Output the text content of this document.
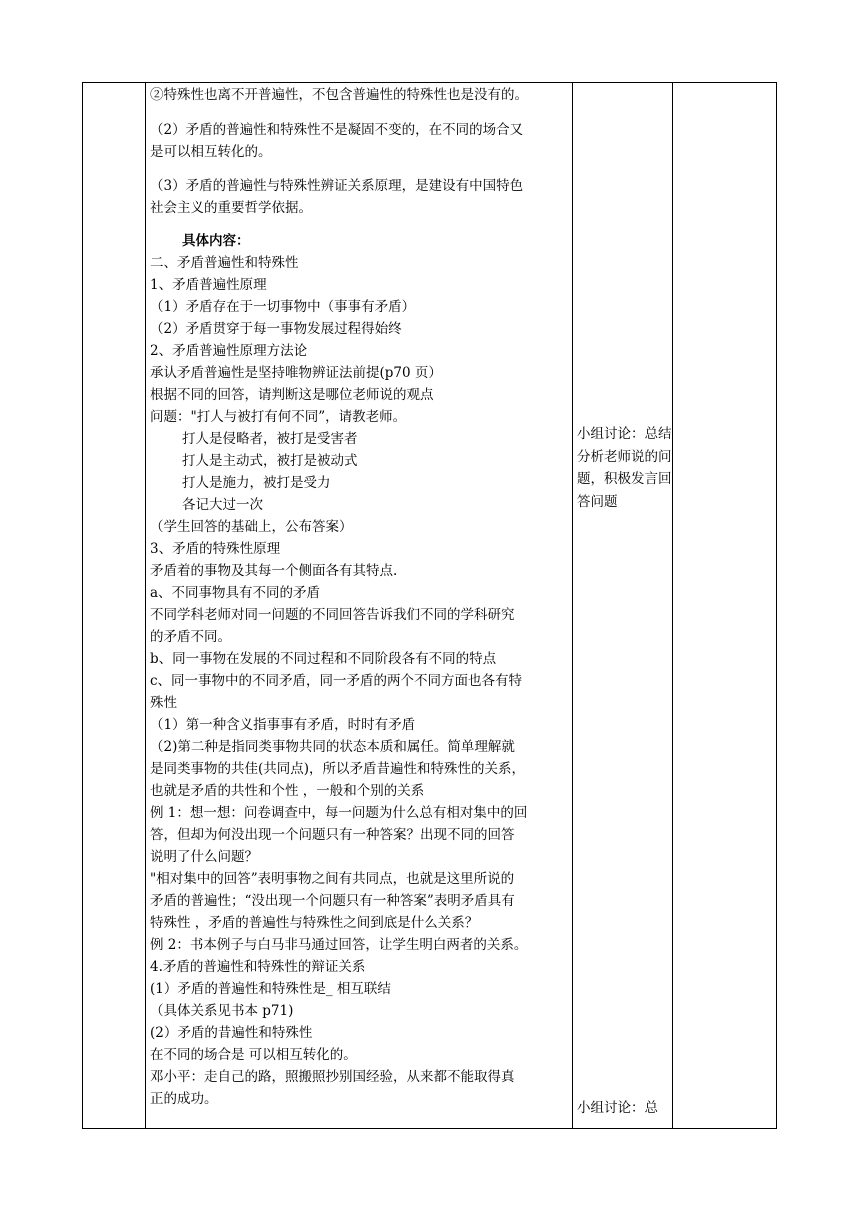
②特殊性也离不开普遍性，不包含普遍性的特殊性也是没有的。
（2）矛盾的普遍性和特殊性不是凝固不变的，在不同的场合又
是可以相互转化的。
（3）矛盾的普遍性与特殊性辨证关系原理，是建设有中国特色
社会主义的重要哲学依据。
具体内容：
二、矛盾普遍性和特殊性
1、矛盾普遍性原理
（1）矛盾存在于一切事物中（事事有矛盾）
（2）矛盾贯穿于每一事物发展过程得始终
2、矛盾普遍性原理方法论
承认矛盾普遍性是坚持唯物辨证法前提(p70 页）
根据不同的回答，请判断这是哪位老师说的观点
问题："打人与被打有何不同”，请教老师。
打人是侵略者，被打是受害者
打人是主动式，被打是被动式
打人是施力，被打是受力
各记大过一次
（学生回答的基础上，公布答案）
3、矛盾的特殊性原理
矛盾着的事物及其每一个侧面各有其特点.
a、不同事物具有不同的矛盾
不同学科老师对同一问题的不同回答告诉我们不同的学科研究
的矛盾不同。
b、同一事物在发展的不同过程和不同阶段各有不同的特点
c、同一事物中的不同矛盾，同一矛盾的两个不同方面也各有特
殊性
（1）第一种含义指事事有矛盾，时时有矛盾
（2)第二种是指同类事物共同的状态本质和属任。简单理解就
是同类事物的共佳(共同点)，所以矛盾昔遍性和特殊性的关系，
也就是矛盾的共性和个性 ，一般和个别的关系
例 1：想一想：问卷调查中，每一问题为什么总有相对集中的回
答，但却为何没出现一个问题只有一种答案？出现不同的回答
说明了什么问题？
"相对集中的回答”表明事物之间有共同点，也就是这里所说的
矛盾的普遍性；“没出现一个问题只有一种答案”表明矛盾具有
特殊性 ，矛盾的普遍性与特殊性之间到底是什么关系？
例 2：书本例子与白马非马通过回答，让学生明白两者的关系。
4.矛盾的普遍性和特殊性的辩证关系
(1）矛盾的普遍性和特殊性是_ 相互联结
（具体关系见书本 p71)
(2）矛盾的昔遍性和特殊性
在不同的场合是 可以相互转化的。
邓小平：走自己的路，照搬照抄别国经验，从来都不能取得真
正的成功。
小组讨论：总结分析老师说的问题，积极发言回答问题
小组讨论：总
